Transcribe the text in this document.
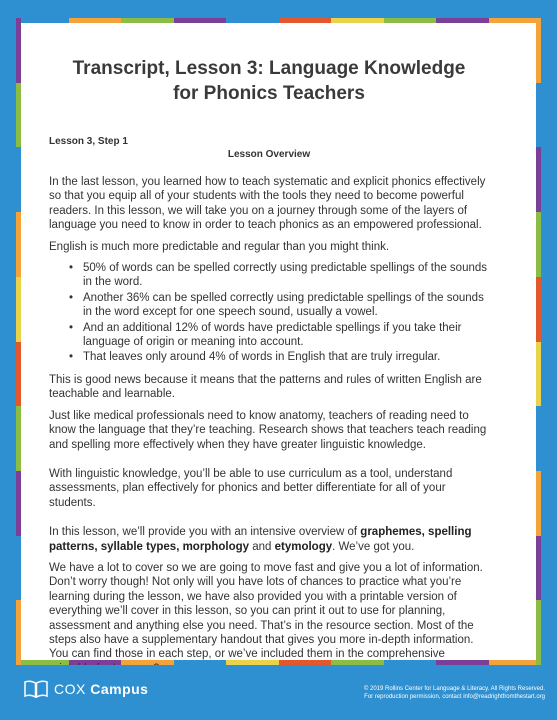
Transcript, Lesson 3: Language Knowledge
for Phonics Teachers
Lesson 3, Step 1
Lesson Overview

In the last lesson, you learned how to teach systematic and explicit phonics effectively so that you equip all of your students with the tools they need to become powerful readers. In this lesson, we will take you on a journey through some of the layers of language you need to know in order to teach phonics as an empowered professional.

English is much more predictable and regular than you might think.

• 50% of words can be spelled correctly using predictable spellings of the sounds in the word.
• Another 36% can be spelled correctly using predictable spellings of the sounds in the word except for one speech sound, usually a vowel.
• And an additional 12% of words have predictable spellings if you take their language of origin or meaning into account.
• That leaves only around 4% of words in English that are truly irregular.

This is good news because it means that the patterns and rules of written English are teachable and learnable.

Just like medical professionals need to know anatomy, teachers of reading need to know the language that they’re teaching. Research shows that teachers teach reading and spelling more effectively when they have greater linguistic knowledge.

With linguistic knowledge, you’ll be able to use curriculum as a tool, understand assessments, plan effectively for phonics and better differentiate for all of your students.

In this lesson, we’ll provide you with an intensive overview of graphemes, spelling patterns, syllable types, morphology and etymology. We’ve got you.

We have a lot to cover so we are going to move fast and give you a lot of information. Don’t worry though! Not only will you have lots of chances to practice what you’re learning during the lesson, we have also provided you with a printable version of everything we’ll cover in this lesson, so you can print it out to use for planning, assessment and anything else you need. That’s in the resource section. Most of the steps also have a supplementary handout that gives you more in-depth information. You can find those in each step, or we’ve included them in the comprehensive

COX Campus	© 2019 Rollins Center for Language & Literacy. All Rights Reserved.
For reproduction permission, contact info@readrightfromthestart.org
